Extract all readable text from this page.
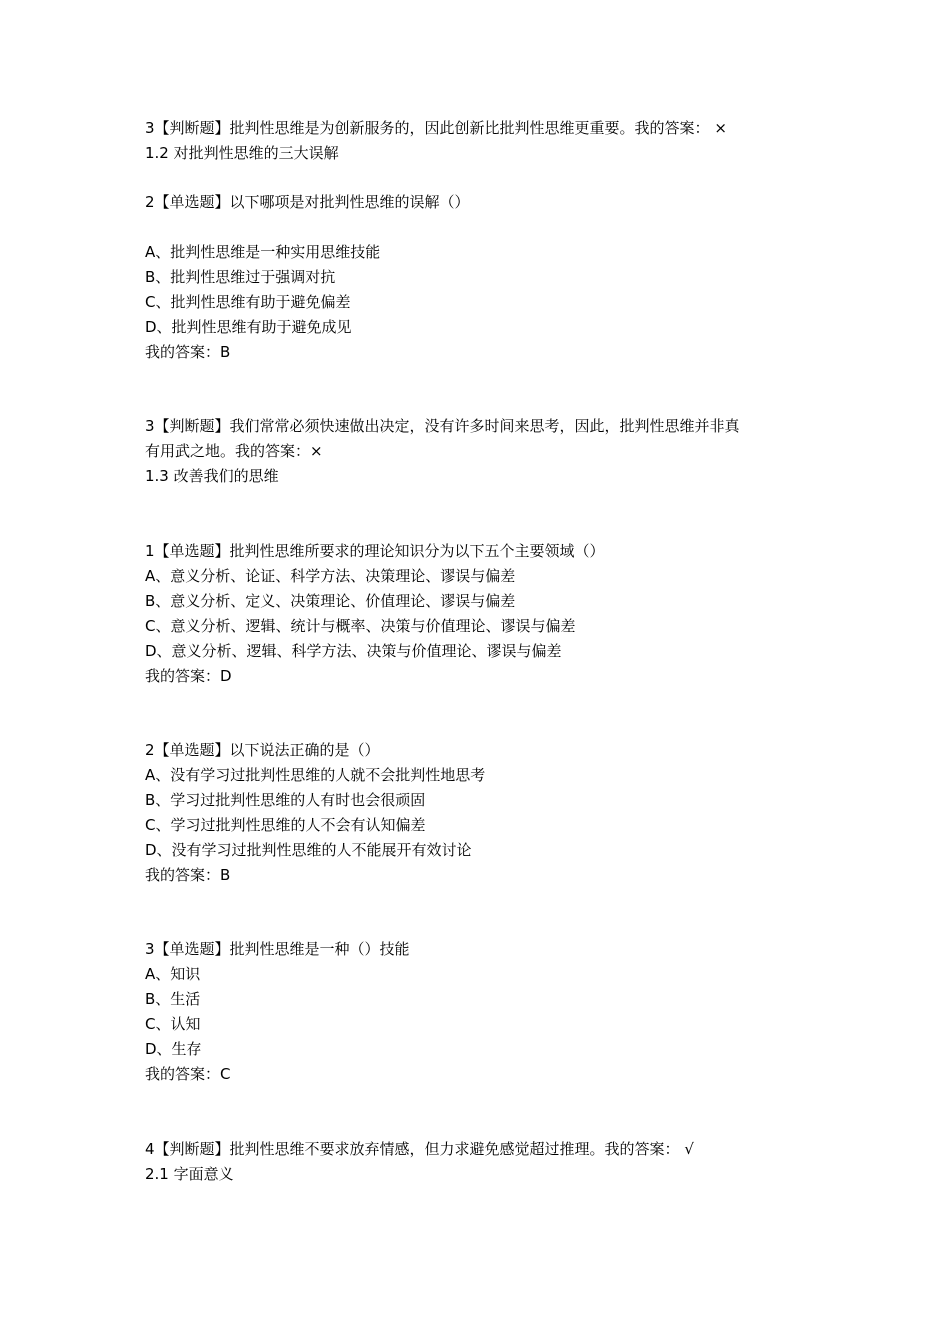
3【判断题】批判性思维是为创新服务的，因此创新比批判性思维更重要。我的答案： ×
1.2 对批判性思维的三大误解
2【单选题】以下哪项是对批判性思维的误解（）
A、批判性思维是一种实用思维技能
B、批判性思维过于强调对抗
C、批判性思维有助于避免偏差
D、批判性思维有助于避免成见
我的答案：B
3【判断题】我们常常必须快速做出决定，没有许多时间来思考，因此，批判性思维并非真
有用武之地。我的答案：×
1.3 改善我们的思维
1【单选题】批判性思维所要求的理论知识分为以下五个主要领域（）
A、意义分析、论证、科学方法、决策理论、谬误与偏差
B、意义分析、定义、决策理论、价值理论、谬误与偏差
C、意义分析、逻辑、统计与概率、决策与价值理论、谬误与偏差
D、意义分析、逻辑、科学方法、决策与价值理论、谬误与偏差
我的答案：D
2【单选题】以下说法正确的是（）
A、没有学习过批判性思维的人就不会批判性地思考
B、学习过批判性思维的人有时也会很顽固
C、学习过批判性思维的人不会有认知偏差
D、没有学习过批判性思维的人不能展开有效讨论
我的答案：B
3【单选题】批判性思维是一种（）技能
A、知识
B、生活
C、认知
D、生存
我的答案：C
4【判断题】批判性思维不要求放弃情感，但力求避免感觉超过推理。我的答案： √
2.1 字面意义
